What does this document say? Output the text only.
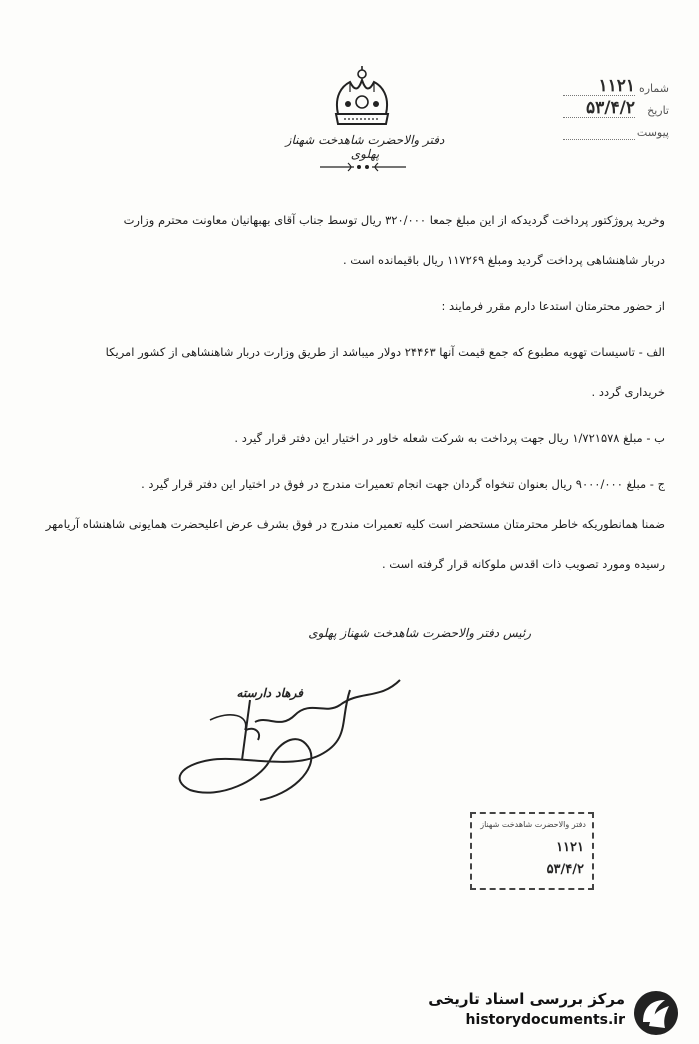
دفتر والاحضرت شاهدخت شهناز پهلوی
شماره
۱۱۲۱
تاریخ
۵۳/۴/۲
پیوست
وخرید پروژکتور پرداخت گردیدکه از این مبلغ جمعا ۳۲۰/۰۰۰ ریال توسط جناب آقای بهبهانیان معاونت محترم وزارت
دربار شاهنشاهی پرداخت گردید ومبلغ ۱۱۷۲۶۹ ریال باقیمانده است .
از حضور محترمتان استدعا دارم مقرر فرمایند :
الف - تاسیسات تهویه مطبوع که جمع قیمت آنها ۲۴۴۶۳ دولار میباشد از طریق وزارت دربار شاهنشاهی از کشور امریکا
خریداری گردد .
ب - مبلغ ۱/۷۲۱۵۷۸ ریال جهت پرداخت به شرکت شعله خاور در اختیار این دفتر قرار گیرد .
ج - مبلغ ۹۰۰۰/۰۰۰ ریال بعنوان تنخواه گردان جهت انجام تعمیرات مندرج در فوق در اختیار این دفتر قرار گیرد .
ضمنا همانطوریکه خاطر محترمتان مستحضر است کلیه تعمیرات مندرج در فوق بشرف عرض اعلیحضرت همایونی شاهنشاه آریامهر
رسیده ومورد تصویب ذات اقدس ملوکانه قرار گرفته است .
رئیس دفتر والاحضرت شاهدخت شهناز پهلوی
فرهاد دارسته
دفتر والاحضرت شاهدخت شهناز
۱۱۲۱
۵۳/۴/۲
مرکز بررسی اسناد تاریخی
historydocuments.ir
